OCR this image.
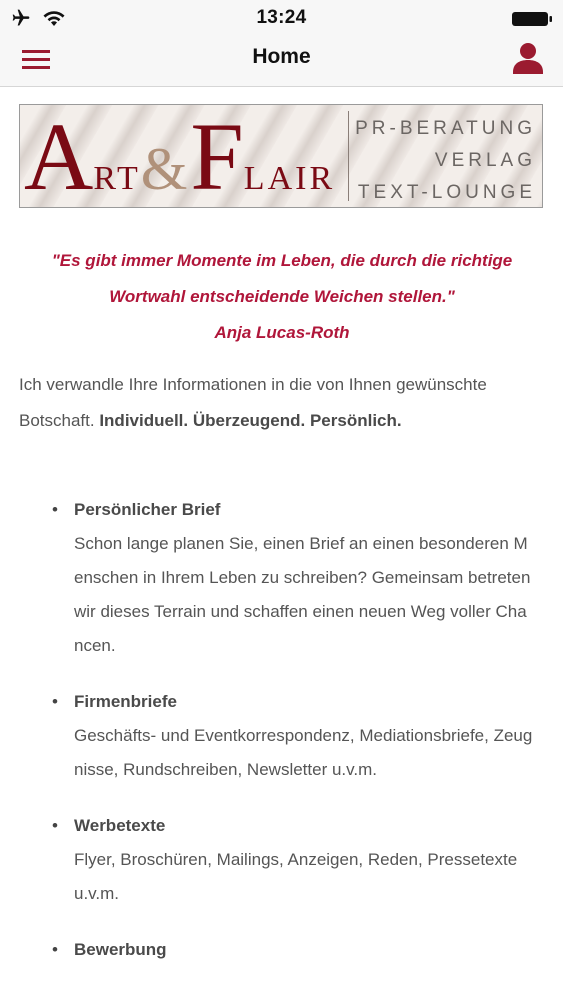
13:24
Home
ART&FLAIR
PR-BERATUNG
VERLAG
TEXT-LOUNGE
"Es gibt immer Momente im Leben, die durch die richtige
Wortwahl entscheidende Weichen stellen."
Anja Lucas-Roth
Ich verwandle Ihre Informationen in die von Ihnen gewünschte Botschaft. Individuell. Überzeugend. Persönlich.
• Persönlicher Brief
Schon lange planen Sie, einen Brief an einen besonderen Menschen in Ihrem Leben zu schreiben? Gemeinsam betreten wir dieses Terrain und schaffen einen neuen Weg voller Chancen.
• Firmenbriefe
Geschäfts- und Eventkorrespondenz, Mediationsbriefe, Zeugnisse, Rundschreiben, Newsletter u.v.m.
• Werbetexte
Flyer, Broschüren, Mailings, Anzeigen, Reden, Pressetexte u.v.m.
• Bewerbung
